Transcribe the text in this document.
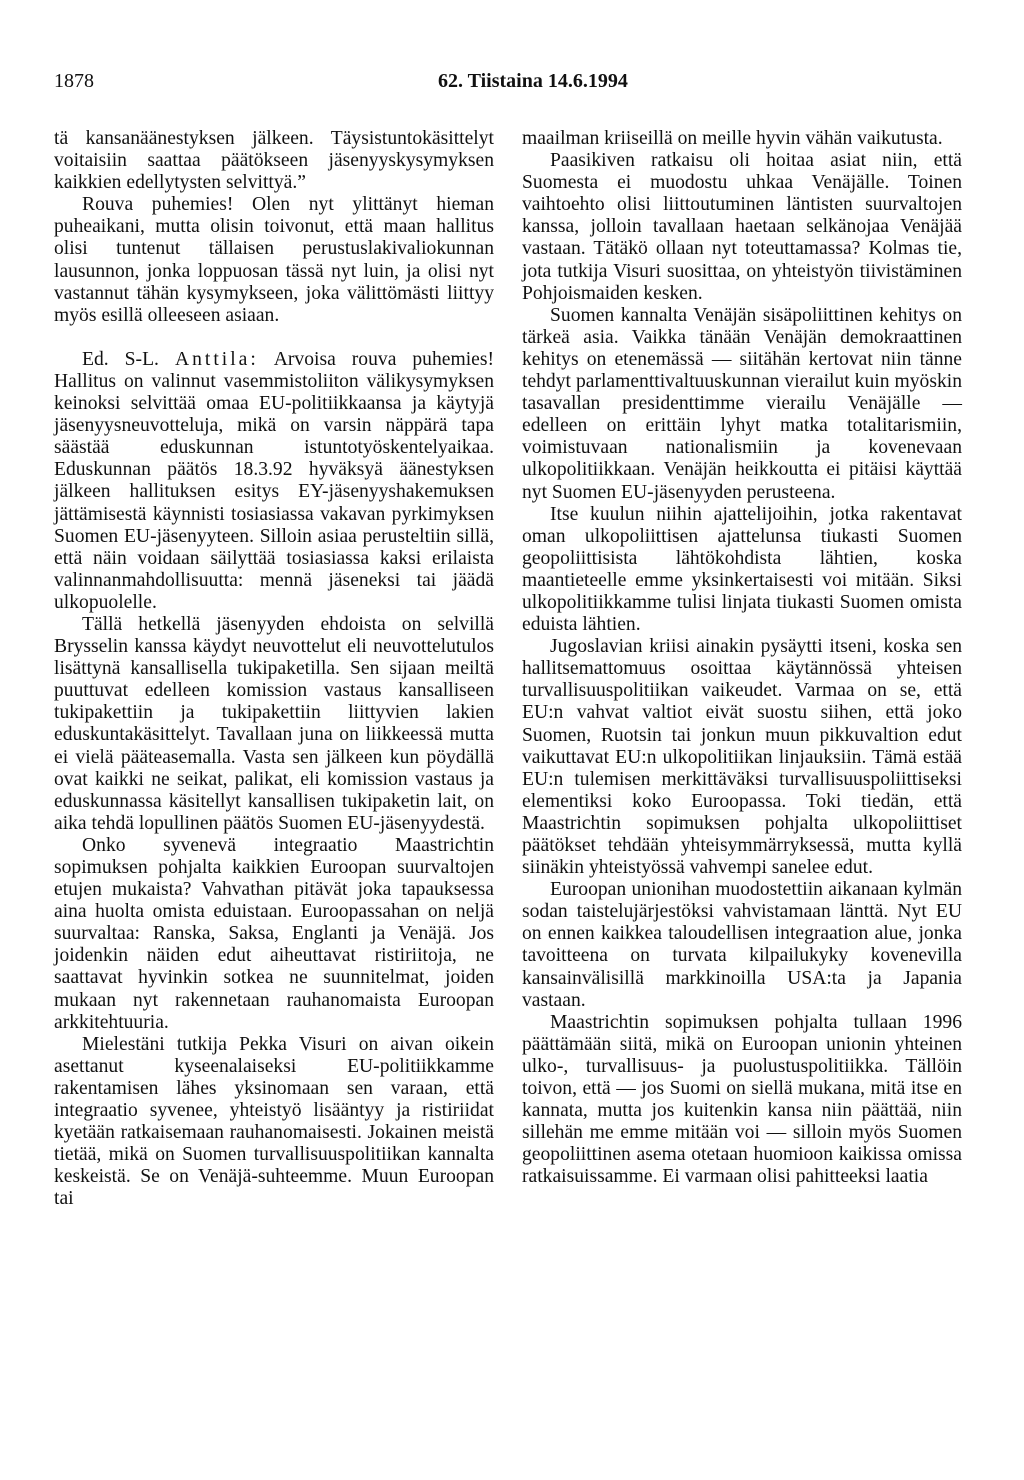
1878	62. Tiistaina 14.6.1994

tä kansanäänestyksen jälkeen. Täysistuntokäsittelyt voitaisiin saattaa päätökseen jäsenyyskysymyksen kaikkien edellytysten selvittyä.”

Rouva puhemies! Olen nyt ylittänyt hieman puheaikani, mutta olisin toivonut, että maan hallitus olisi tuntenut tällaisen perustuslakivaliokunnan lausunnon, jonka loppuosan tässä nyt luin, ja olisi nyt vastannut tähän kysymykseen, joka välittömästi liittyy myös esillä olleeseen asiaan.

Ed. S-L. Anttila: Arvoisa rouva puhemies! Hallitus on valinnut vasemmistoliiton välikysymyksen keinoksi selvittää omaa EU-politiikkaansa ja käytyjä jäsenyysneuvotteluja, mikä on varsin näppärä tapa säästää eduskunnan istuntotyöskentelyaikaa. Eduskunnan päätös 18.3.92 hyväksyä äänestyksen jälkeen hallituksen esitys EY-jäsenyyshakemuksen jättämisestä käynnisti tosiasiassa vakavan pyrkimyksen Suomen EU-jäsenyyteen. Silloin asiaa perusteltiin sillä, että näin voidaan säilyttää tosiasiassa kaksi erilaista valinnanmahdollisuutta: mennä jäseneksi tai jäädä ulkopuolelle.

Tällä hetkellä jäsenyyden ehdoista on selvillä Brysselin kanssa käydyt neuvottelut eli neuvottelutulos lisättynä kansallisella tukipaketilla. Sen sijaan meiltä puuttuvat edelleen komission vastaus kansalliseen tukipakettiin ja tukipakettiin liittyvien lakien eduskuntakäsittelyt. Tavallaan juna on liikkeessä mutta ei vielä pääteasemalla. Vasta sen jälkeen kun pöydällä ovat kaikki ne seikat, palikat, eli komission vastaus ja eduskunnassa käsitellyt kansallisen tukipaketin lait, on aika tehdä lopullinen päätös Suomen EU-jäsenyydestä.

Onko syvenevä integraatio Maastrichtin sopimuksen pohjalta kaikkien Euroopan suurvaltojen etujen mukaista? Vahvathan pitävät joka tapauksessa aina huolta omista eduistaan. Euroopassahan on neljä suurvaltaa: Ranska, Saksa, Englanti ja Venäjä. Jos joidenkin näiden edut aiheuttavat ristiriitoja, ne saattavat hyvinkin sotkea ne suunnitelmat, joiden mukaan nyt rakennetaan rauhanomaista Euroopan arkkitehtuuria.

Mielestäni tutkija Pekka Visuri on aivan oikein asettanut kyseenalaiseksi EU-politiikkamme rakentamisen lähes yksinomaan sen varaan, että integraatio syvenee, yhteistyö lisääntyy ja ristiriidat kyetään ratkaisemaan rauhanomaisesti. Jokainen meistä tietää, mikä on Suomen turvallisuuspolitiikan kannalta keskeistä. Se on Venäjä-suhteemme. Muun Euroopan tai

maailman kriiseillä on meille hyvin vähän vaikutusta.

Paasikiven ratkaisu oli hoitaa asiat niin, että Suomesta ei muodostu uhkaa Venäjälle. Toinen vaihtoehto olisi liittoutuminen läntisten suurvaltojen kanssa, jolloin tavallaan haetaan selkänojaa Venäjää vastaan. Tätäkö ollaan nyt toteuttamassa? Kolmas tie, jota tutkija Visuri suosittaa, on yhteistyön tiivistäminen Pohjoismaiden kesken.

Suomen kannalta Venäjän sisäpoliittinen kehitys on tärkeä asia. Vaikka tänään Venäjän demokraattinen kehitys on etenemässä — siitähän kertovat niin tänne tehdyt parlamenttivaltuuskunnan vierailut kuin myöskin tasavallan presidenttimme vierailu Venäjälle — edelleen on erittäin lyhyt matka totalitarismiin, voimistuvaan nationalismiin ja kovenevaan ulkopolitiikkaan. Venäjän heikkoutta ei pitäisi käyttää nyt Suomen EU-jäsenyyden perusteena.

Itse kuulun niihin ajattelijoihin, jotka rakentavat oman ulkopoliittisen ajattelunsa tiukasti Suomen geopoliittisista lähtökohdista lähtien, koska maantieteelle emme yksinkertaisesti voi mitään. Siksi ulkopolitiikkamme tulisi linjata tiukasti Suomen omista eduista lähtien.

Jugoslavian kriisi ainakin pysäytti itseni, koska sen hallitsemattomuus osoittaa käytännössä yhteisen turvallisuuspolitiikan vaikeudet. Varmaa on se, että EU:n vahvat valtiot eivät suostu siihen, että joko Suomen, Ruotsin tai jonkun muun pikkuvaltion edut vaikuttavat EU:n ulkopolitiikan linjauksiin. Tämä estää EU:n tulemisen merkittäväksi turvallisuuspoliittiseksi elementiksi koko Euroopassa. Toki tiedän, että Maastrichtin sopimuksen pohjalta ulkopoliittiset päätökset tehdään yhteisymmärryksessä, mutta kyllä siinäkin yhteistyössä vahvempi sanelee edut.

Euroopan unionihan muodostettiin aikanaan kylmän sodan taistelujärjestöksi vahvistamaan länttä. Nyt EU on ennen kaikkea taloudellisen integraation alue, jonka tavoitteena on turvata kilpailukyky kovenevilla kansainvälisillä markkinoilla USA:ta ja Japania vastaan.

Maastrichtin sopimuksen pohjalta tullaan 1996 päättämään siitä, mikä on Euroopan unionin yhteinen ulko-, turvallisuus- ja puolustuspolitiikka. Tällöin toivon, että — jos Suomi on siellä mukana, mitä itse en kannata, mutta jos kuitenkin kansa niin päättää, niin sillehän me emme mitään voi — silloin myös Suomen geopoliittinen asema otetaan huomioon kaikissa omissa ratkaisuissamme. Ei varmaan olisi pahitteeksi laatia
